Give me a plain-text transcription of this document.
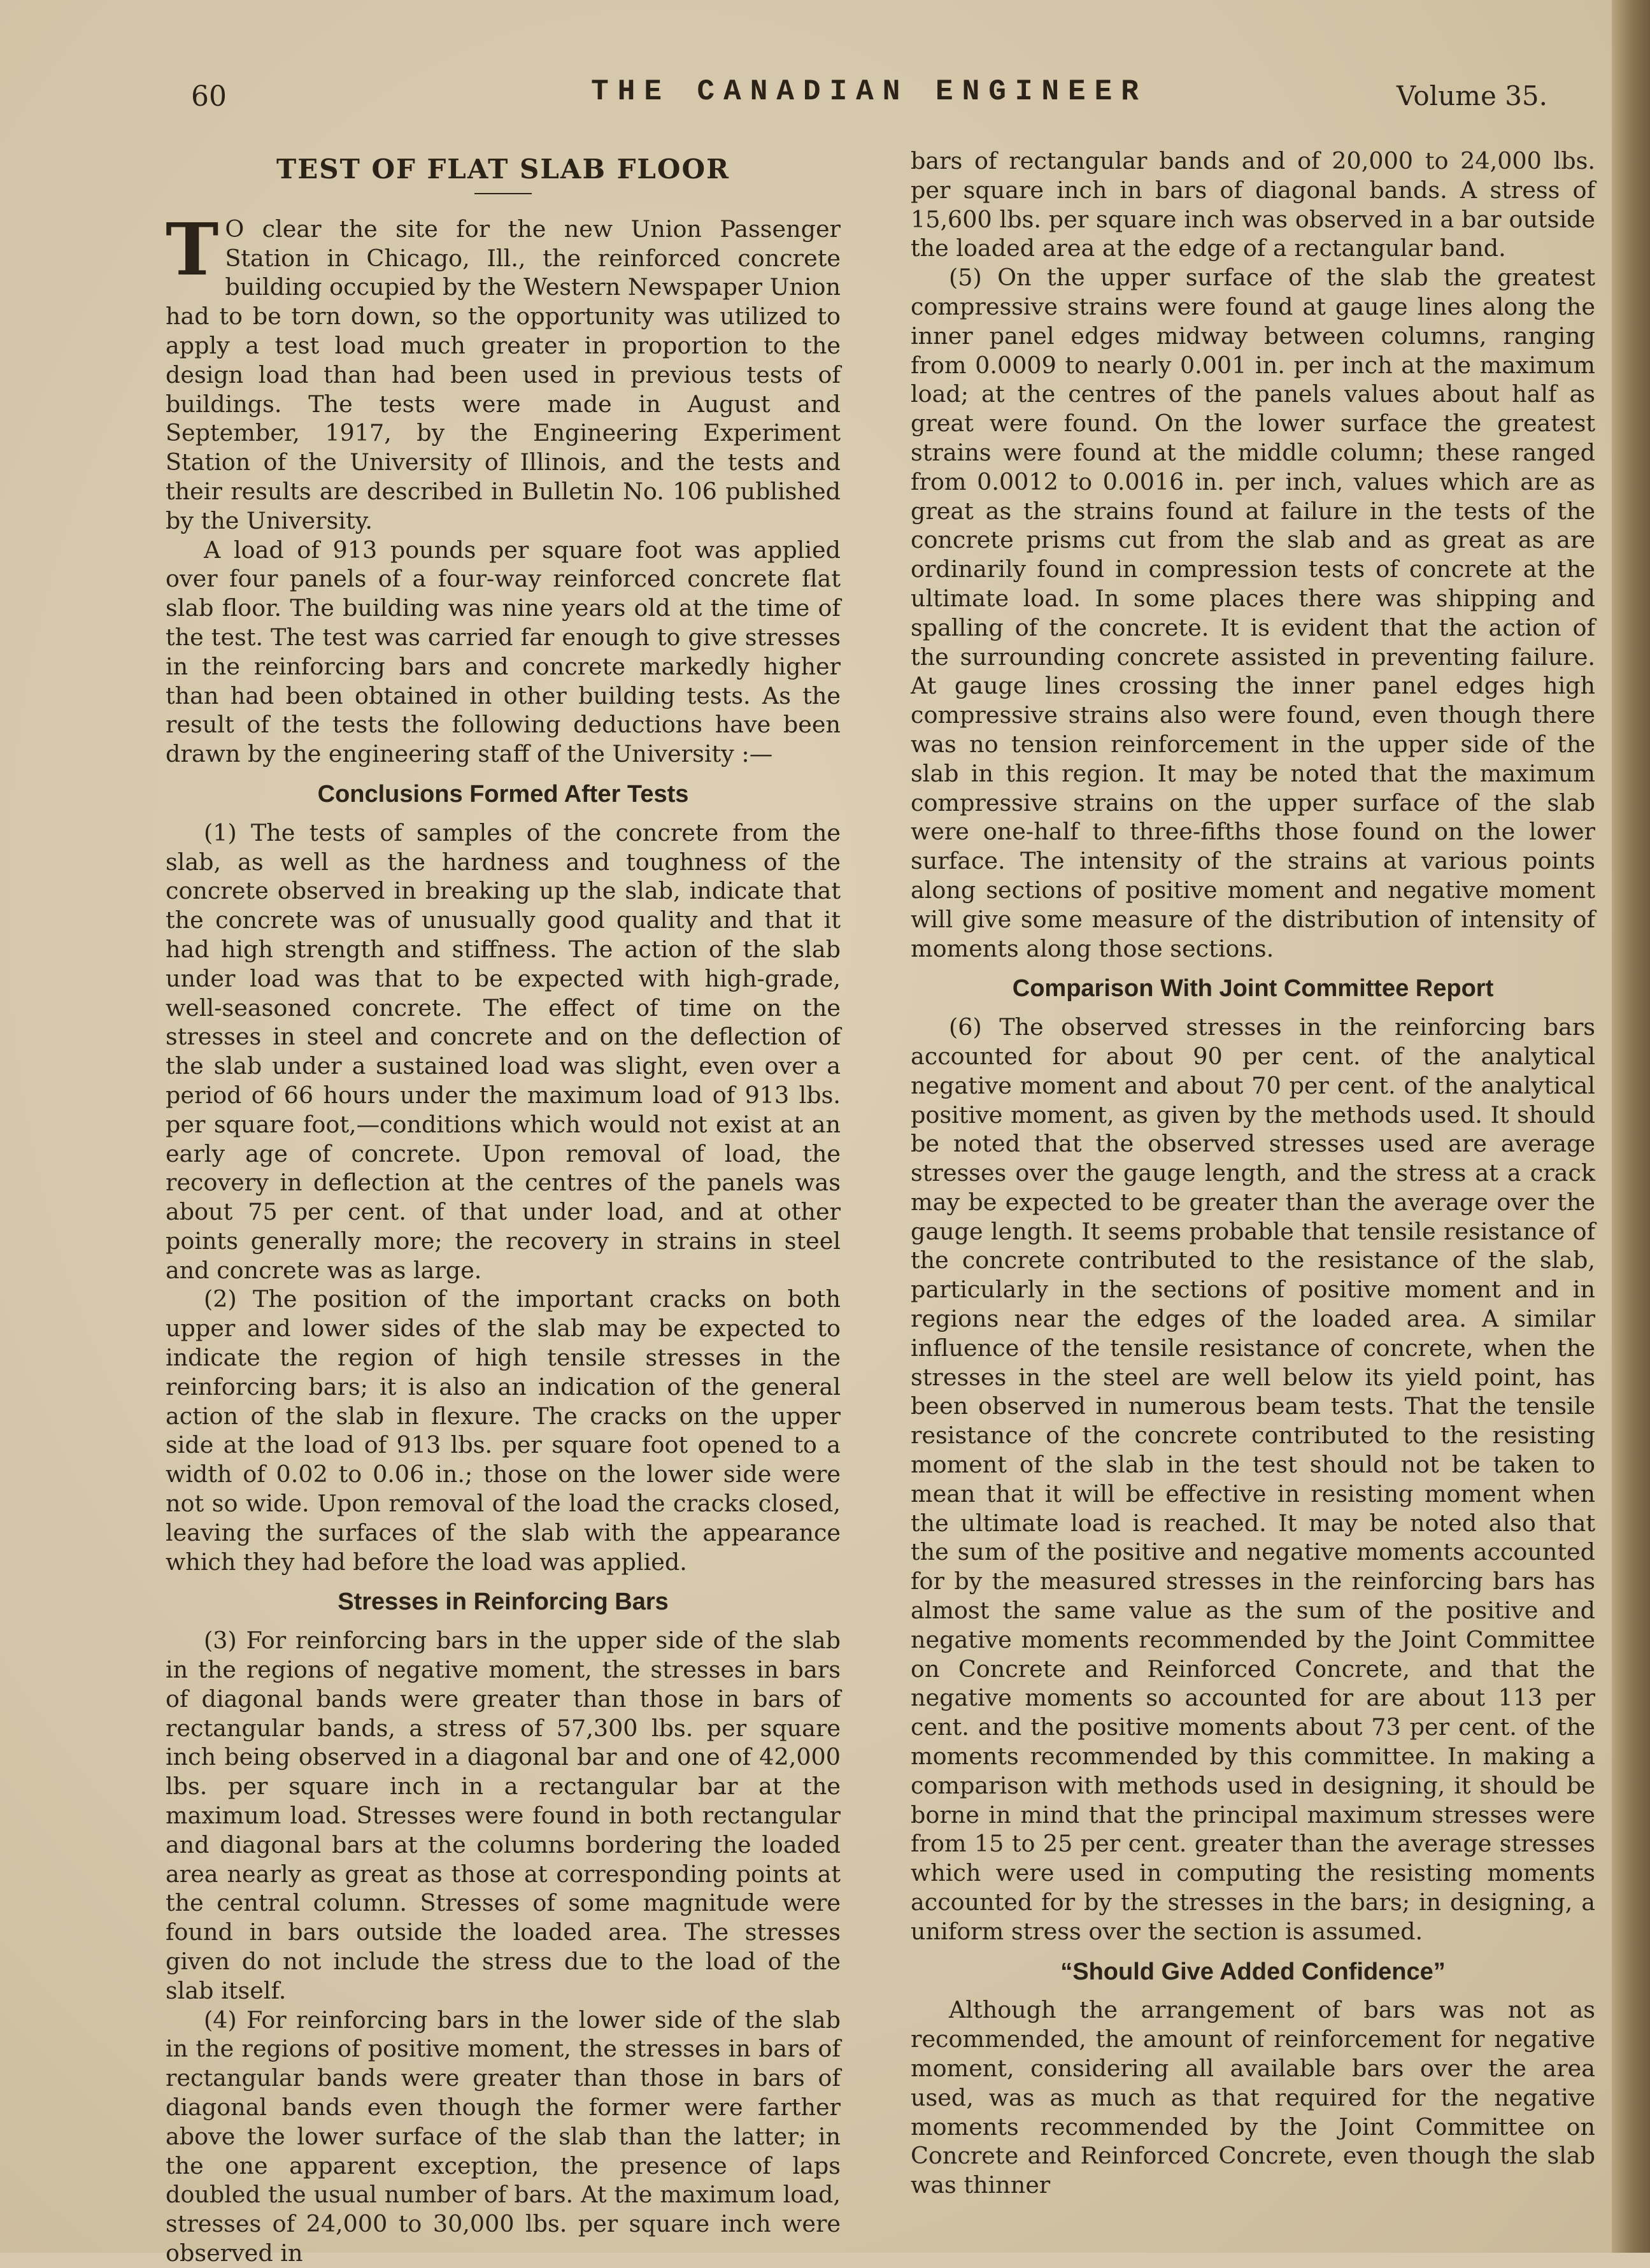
60	THE CANADIAN ENGINEER	Volume 35.
TEST OF FLAT SLAB FLOOR

T O clear the site for the new Union Passenger Station in Chicago, Ill., the reinforced concrete building occupied by the Western Newspaper Union had to be torn down, so the opportunity was utilized to apply a test load much greater in proportion to the design load than had been used in previous tests of buildings. The tests were made in August and September, 1917, by the Engineering Experiment Station of the University of Illinois, and the tests and their results are described in Bulletin No. 106 published by the University.

A load of 913 pounds per square foot was applied over four panels of a four-way reinforced concrete flat slab floor. The building was nine years old at the time of the test. The test was carried far enough to give stresses in the reinforcing bars and concrete markedly higher than had been obtained in other building tests. As the result of the tests the following deductions have been drawn by the engineering staff of the University :—

Conclusions Formed After Tests

(1) The tests of samples of the concrete from the slab, as well as the hardness and toughness of the concrete observed in breaking up the slab, indicate that the concrete was of unusually good quality and that it had high strength and stiffness. The action of the slab under load was that to be expected with high-grade, well-seasoned concrete. The effect of time on the stresses in steel and concrete and on the deflection of the slab under a sustained load was slight, even over a period of 66 hours under the maximum load of 913 lbs. per square foot,—conditions which would not exist at an early age of concrete. Upon removal of load, the recovery in deflection at the centres of the panels was about 75 per cent. of that under load, and at other points generally more; the recovery in strains in steel and concrete was as large.

(2) The position of the important cracks on both upper and lower sides of the slab may be expected to indicate the region of high tensile stresses in the reinforcing bars; it is also an indication of the general action of the slab in flexure. The cracks on the upper side at the load of 913 lbs. per square foot opened to a width of 0.02 to 0.06 in.; those on the lower side were not so wide. Upon removal of the load the cracks closed, leaving the surfaces of the slab with the appearance which they had before the load was applied.

Stresses in Reinforcing Bars

(3) For reinforcing bars in the upper side of the slab in the regions of negative moment, the stresses in bars of diagonal bands were greater than those in bars of rectangular bands, a stress of 57,300 lbs. per square inch being observed in a diagonal bar and one of 42,000 lbs. per square inch in a rectangular bar at the maximum load. Stresses were found in both rectangular and diagonal bars at the columns bordering the loaded area nearly as great as those at corresponding points at the central column. Stresses of some magnitude were found in bars outside the loaded area. The stresses given do not include the stress due to the load of the slab itself.

(4) For reinforcing bars in the lower side of the slab in the regions of positive moment, the stresses in bars of rectangular bands were greater than those in bars of diagonal bands even though the former were farther above the lower surface of the slab than the latter; in the one apparent exception, the presence of laps doubled the usual number of bars. At the maximum load, stresses of 24,000 to 30,000 lbs. per square inch were observed in

bars of rectangular bands and of 20,000 to 24,000 lbs. per square inch in bars of diagonal bands. A stress of 15,600 lbs. per square inch was observed in a bar outside the loaded area at the edge of a rectangular band.

(5) On the upper surface of the slab the greatest compressive strains were found at gauge lines along the inner panel edges midway between columns, ranging from 0.0009 to nearly 0.001 in. per inch at the maximum load; at the centres of the panels values about half as great were found. On the lower surface the greatest strains were found at the middle column; these ranged from 0.0012 to 0.0016 in. per inch, values which are as great as the strains found at failure in the tests of the concrete prisms cut from the slab and as great as are ordinarily found in compression tests of concrete at the ultimate load. In some places there was shipping and spalling of the concrete. It is evident that the action of the surrounding concrete assisted in preventing failure. At gauge lines crossing the inner panel edges high compressive strains also were found, even though there was no tension reinforcement in the upper side of the slab in this region. It may be noted that the maximum compressive strains on the upper surface of the slab were one-half to three-fifths those found on the lower surface. The intensity of the strains at various points along sections of positive moment and negative moment will give some measure of the distribution of intensity of moments along those sections.

Comparison With Joint Committee Report

(6) The observed stresses in the reinforcing bars accounted for about 90 per cent. of the analytical negative moment and about 70 per cent. of the analytical positive moment, as given by the methods used. It should be noted that the observed stresses used are average stresses over the gauge length, and the stress at a crack may be expected to be greater than the average over the gauge length. It seems probable that tensile resistance of the concrete contributed to the resistance of the slab, particularly in the sections of positive moment and in regions near the edges of the loaded area. A similar influence of the tensile resistance of concrete, when the stresses in the steel are well below its yield point, has been observed in numerous beam tests. That the tensile resistance of the concrete contributed to the resisting moment of the slab in the test should not be taken to mean that it will be effective in resisting moment when the ultimate load is reached. It may be noted also that the sum of the positive and negative moments accounted for by the measured stresses in the reinforcing bars has almost the same value as the sum of the positive and negative moments recommended by the Joint Committee on Concrete and Reinforced Concrete, and that the negative moments so accounted for are about 113 per cent. and the positive moments about 73 per cent. of the moments recommended by this committee. In making a comparison with methods used in designing, it should be borne in mind that the principal maximum stresses were from 15 to 25 per cent. greater than the average stresses which were used in computing the resisting moments accounted for by the stresses in the bars; in designing, a uniform stress over the section is assumed.

“Should Give Added Confidence”

Although the arrangement of bars was not as recommended, the amount of reinforcement for negative moment, considering all available bars over the area used, was as much as that required for the negative moments recommended by the Joint Committee on Concrete and Reinforced Concrete, even though the slab was thinner
